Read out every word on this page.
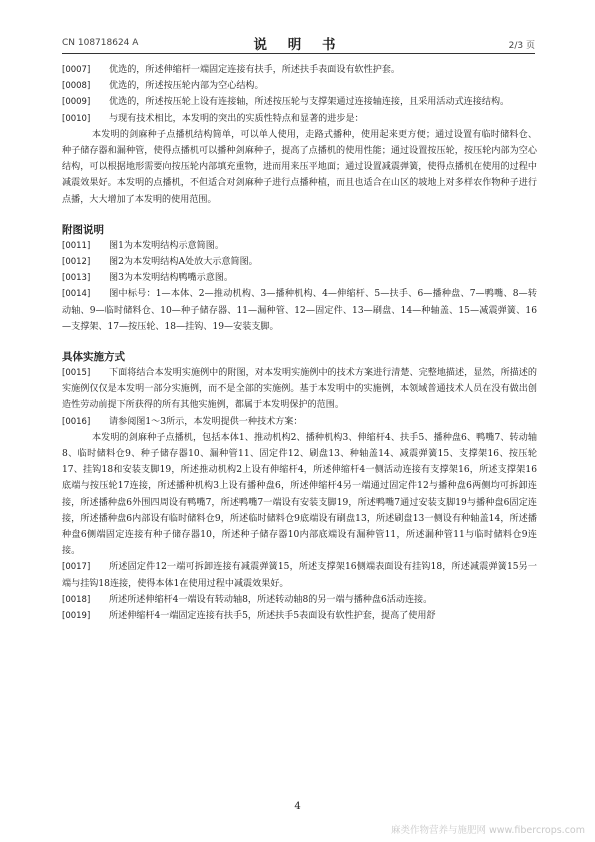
CN 108718624 A	说 明 书	2/3 页

[0007] 优选的，所述伸缩杆一端固定连接有扶手，所述扶手表面设有软性护套。

[0008] 优选的，所述按压轮内部为空心结构。

[0009] 优选的，所述按压轮上设有连接轴，所述按压轮与支撑架通过连接轴连接，且采用活动式连接结构。

[0010] 与现有技术相比，本发明的突出的实质性特点和显著的进步是：

本发明的剑麻种子点播机结构简单，可以单人使用，走路式播种，使用起来更方便；通过设置有临时储料仓、种子储存器和漏种管，使得点播机可以播种剑麻种子，提高了点播机的使用性能；通过设置按压轮，按压轮内部为空心结构，可以根据地形需要向按压轮内部填充重物，进而用来压平地面；通过设置减震弹簧，使得点播机在使用的过程中减震效果好。本发明的点播机，不但适合对剑麻种子进行点播种植，而且也适合在山区的坡地上对多样农作物种子进行点播，大大增加了本发明的使用范围。

附图说明

[0011] 图1为本发明结构示意简图。

[0012] 图2为本发明结构A处放大示意简图。

[0013] 图3为本发明结构鸭嘴示意图。

[0014] 图中标号：1—本体、2—推动机构、3—播种机构、4—伸缩杆、5—扶手、6—播种盘、7—鸭嘴、8—转动轴、9—临时储料仓、10—种子储存器、11—漏种管、12—固定件、13—刷盘、14—种轴盖、15—减震弹簧、16—支撑架、17—按压轮、18—挂钩、19—安装支脚。

具体实施方式

[0015] 下面将结合本发明实施例中的附图，对本发明实施例中的技术方案进行清楚、完整地描述，显然，所描述的实施例仅仅是本发明一部分实施例，而不是全部的实施例。基于本发明中的实施例，本领域普通技术人员在没有做出创造性劳动前提下所获得的所有其他实施例，都属于本发明保护的范围。

[0016] 请参阅图1～3所示，本发明提供一种技术方案：

本发明的剑麻种子点播机，包括本体1、推动机构2、播种机构3、伸缩杆4、扶手5、播种盘6、鸭嘴7、转动轴8、临时储料仓9、种子储存器10、漏种管11、固定件12、刷盘13、种轴盖14、减震弹簧15、支撑架16、按压轮17、挂钩18和安装支脚19，所述推动机构2上设有伸缩杆4，所述伸缩杆4一侧活动连接有支撑架16，所述支撑架16底端与按压轮17连接，所述播种机构3上设有播种盘6，所述伸缩杆4另一端通过固定件12与播种盘6两侧均可拆卸连接，所述播种盘6外围四周设有鸭嘴7，所述鸭嘴7一端设有安装支脚19，所述鸭嘴7通过安装支脚19与播种盘6固定连接，所述播种盘6内部设有临时储料仓9，所述临时储料仓9底端设有刷盘13，所述刷盘13一侧设有种轴盖14，所述播种盘6侧端固定连接有种子储存器10，所述种子储存器10内部底端设有漏种管11，所述漏种管11与临时储料仓9连接。

[0017] 所述固定件12一端可拆卸连接有减震弹簧15，所述支撑架16侧端表面设有挂钩18，所述减震弹簧15另一端与挂钩18连接，使得本体1在使用过程中减震效果好。

[0018] 所述所述伸缩杆4一端设有转动轴8，所述转动轴8的另一端与播种盘6活动连接。

[0019] 所述伸缩杆4一端固定连接有扶手5，所述扶手5表面设有软性护套，提高了使用舒

4
麻类作物营养与施肥网 www.fibercrops.com
